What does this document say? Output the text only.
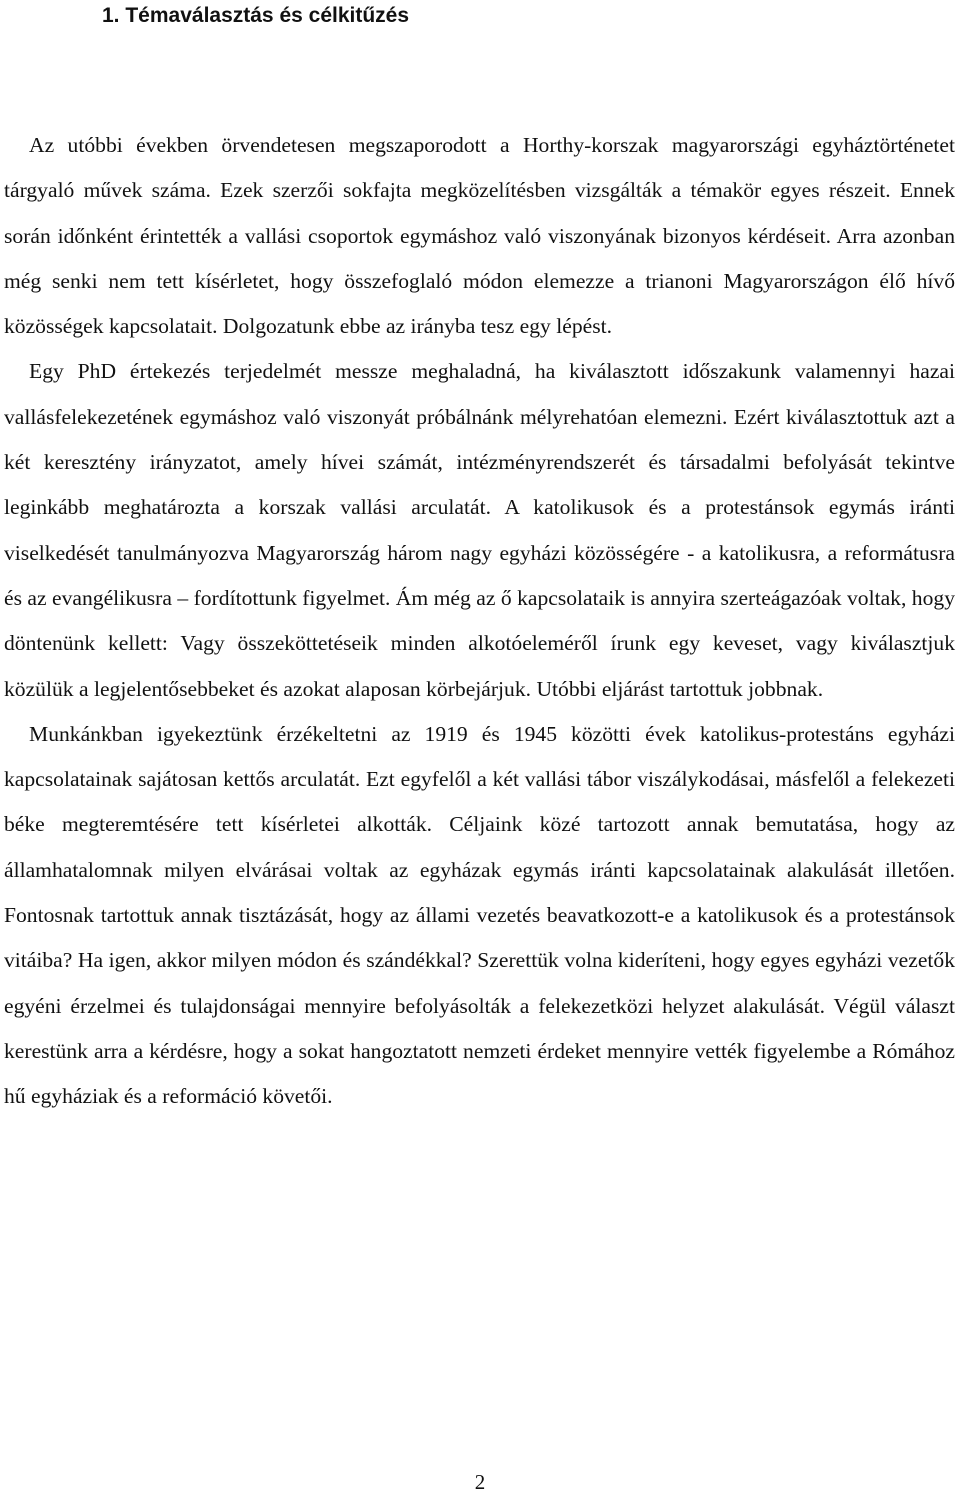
1. Témaválasztás és célkitűzés

Az utóbbi években örvendetesen megszaporodott a Horthy-korszak magyarországi egyháztörténetet tárgyaló művek száma. Ezek szerzői sokfajta megközelítésben vizsgálták a témakör egyes részeit. Ennek során időnként érintették a vallási csoportok egymáshoz való viszonyának bizonyos kérdéseit. Arra azonban még senki nem tett kísérletet, hogy összefoglaló módon elemezze a trianoni Magyarországon élő hívő közösségek kapcsolatait. Dolgozatunk ebbe az irányba tesz egy lépést.

Egy PhD értekezés terjedelmét messze meghaladná, ha kiválasztott időszakunk valamennyi hazai vallásfelekezetének egymáshoz való viszonyát próbálnánk mélyrehatóan elemezni. Ezért kiválasztottuk azt a két keresztény irányzatot, amely hívei számát, intézményrendszerét és társadalmi befolyását tekintve leginkább meghatározta a korszak vallási arculatát. A katolikusok és a protestánsok egymás iránti viselkedését tanulmányozva Magyarország három nagy egyházi közösségére - a katolikusra, a reformátusra és az evangélikusra – fordítottunk figyelmet. Ám még az ő kapcsolataik is annyira szerteágazóak voltak, hogy döntenünk kellett: Vagy összeköttetéseik minden alkotóeleméről írunk egy keveset, vagy kiválasztjuk közülük a legjelentősebbeket és azokat alaposan körbejárjuk. Utóbbi eljárást tartottuk jobbnak.

Munkánkban igyekeztünk érzékeltetni az 1919 és 1945 közötti évek katolikus-protestáns egyházi kapcsolatainak sajátosan kettős arculatát. Ezt egyfelől a két vallási tábor viszálykodásai, másfelől a felekezeti béke megteremtésére tett kísérletei alkották. Céljaink közé tartozott annak bemutatása, hogy az államhatalomnak milyen elvárásai voltak az egyházak egymás iránti kapcsolatainak alakulását illetően. Fontosnak tartottuk annak tisztázását, hogy az állami vezetés beavatkozott-e a katolikusok és a protestánsok vitáiba? Ha igen, akkor milyen módon és szándékkal? Szerettük volna kideríteni, hogy egyes egyházi vezetők egyéni érzelmei és tulajdonságai mennyire befolyásolták a felekezetközi helyzet alakulását. Végül választ kerestünk arra a kérdésre, hogy a sokat hangoztatott nemzeti érdeket mennyire vették figyelembe a Rómához hű egyháziak és a reformáció követői.

2
